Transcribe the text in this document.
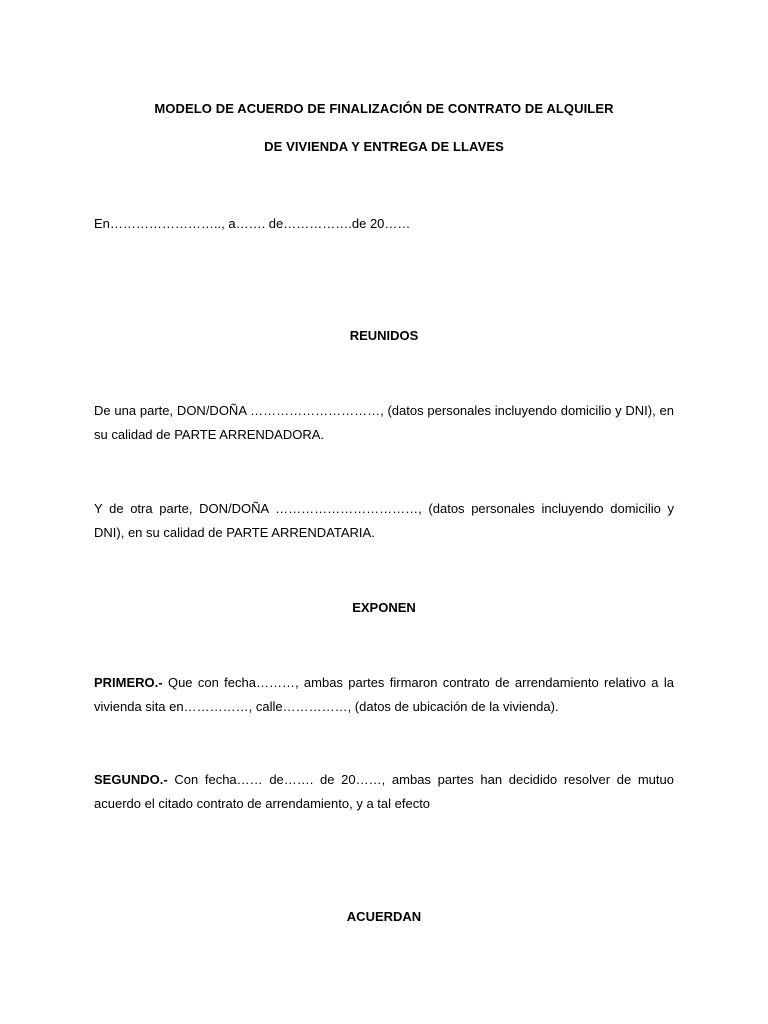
MODELO DE ACUERDO DE FINALIZACIÓN DE CONTRATO DE ALQUILER
DE VIVIENDA Y ENTREGA DE LLAVES
En…………………….., a……. de…………….de 20……
REUNIDOS
De una parte, DON/DOÑA …………………………, (datos personales incluyendo domicilio y DNI), en su calidad de PARTE ARRENDADORA.
Y de otra parte, DON/DOÑA ……………………………, (datos personales incluyendo domicilio y DNI), en su calidad de PARTE ARRENDATARIA.
EXPONEN
PRIMERO.- Que con fecha………, ambas partes firmaron contrato de arrendamiento relativo a la vivienda sita en……………, calle……………, (datos de ubicación de la vivienda).
SEGUNDO.- Con fecha…… de……. de 20……, ambas partes han decidido resolver de mutuo acuerdo el citado contrato de arrendamiento, y a tal efecto
ACUERDAN
